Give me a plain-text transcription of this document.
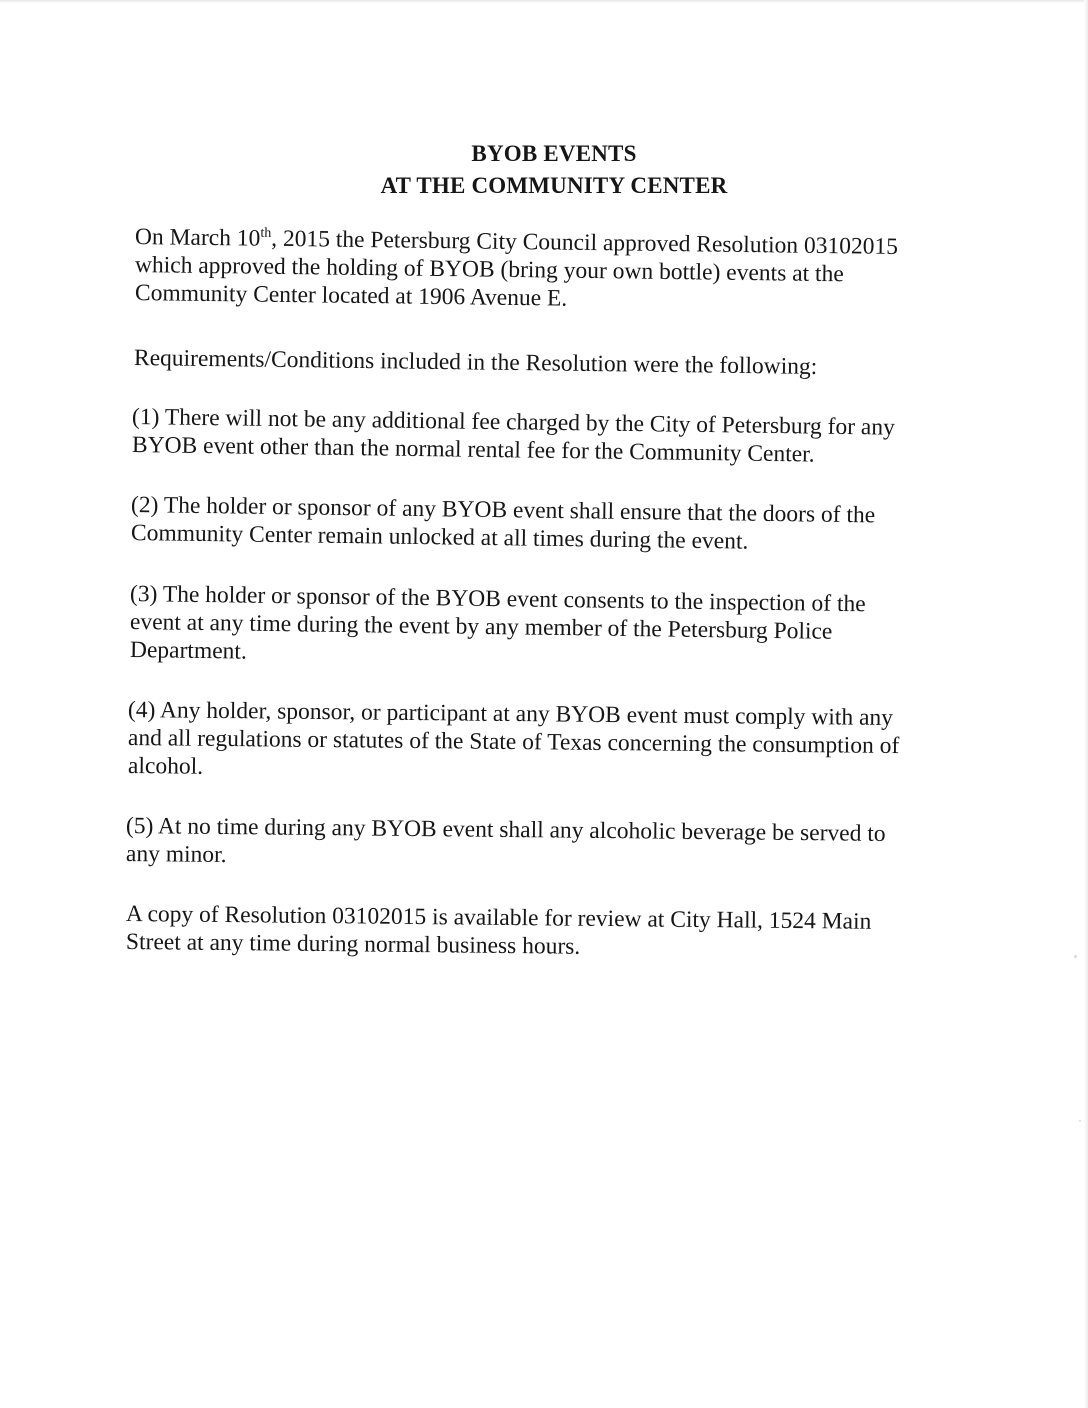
BYOB EVENTS
AT THE COMMUNITY CENTER

On March 10th, 2015 the Petersburg City Council approved Resolution 03102015
which approved the holding of BYOB (bring your own bottle) events at the
Community Center located at 1906 Avenue E.

Requirements/Conditions included in the Resolution were the following:

(1) There will not be any additional fee charged by the City of Petersburg for any
BYOB event other than the normal rental fee for the Community Center.

(2) The holder or sponsor of any BYOB event shall ensure that the doors of the
Community Center remain unlocked at all times during the event.

(3) The holder or sponsor of the BYOB event consents to the inspection of the
event at any time during the event by any member of the Petersburg Police
Department.

(4) Any holder, sponsor, or participant at any BYOB event must comply with any
and all regulations or statutes of the State of Texas concerning the consumption of
alcohol.

(5) At no time during any BYOB event shall any alcoholic beverage be served to
any minor.

A copy of Resolution 03102015 is available for review at City Hall, 1524 Main
Street at any time during normal business hours.
